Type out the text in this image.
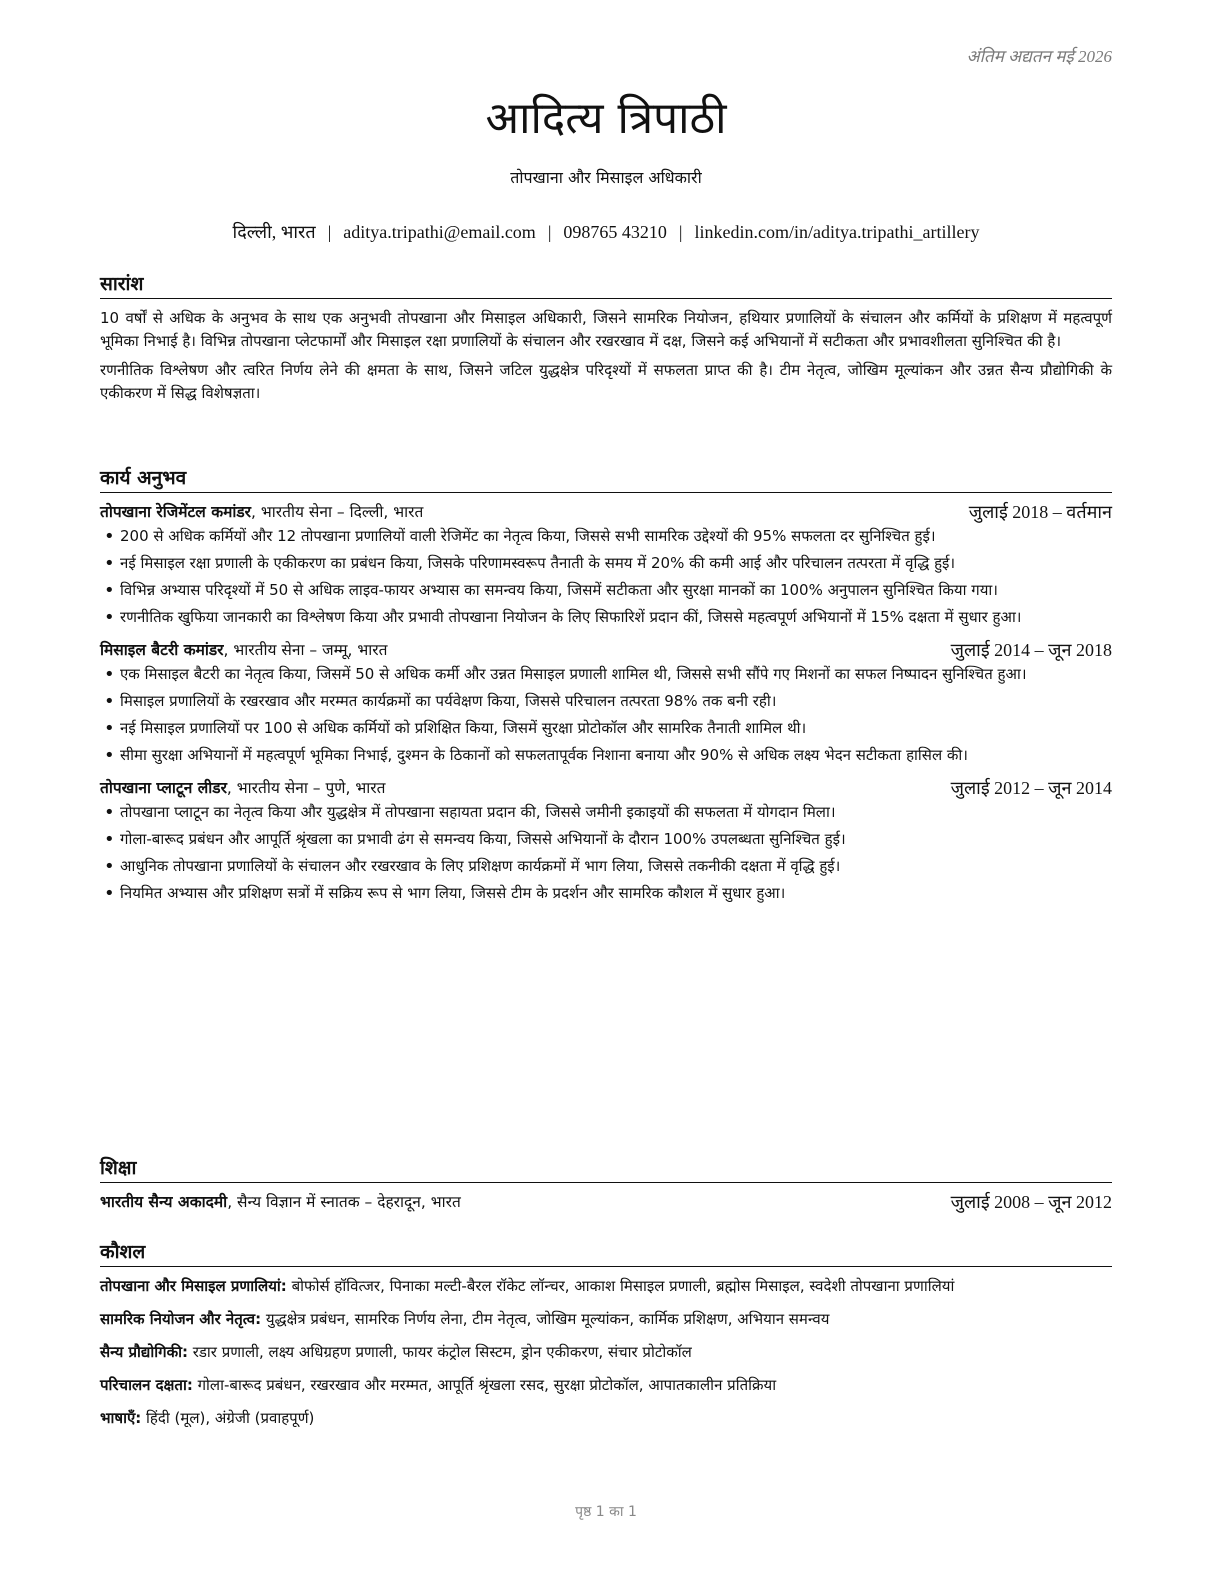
अंतिम अद्यतन मई 2026
आदित्य त्रिपाठी
तोपखाना और मिसाइल अधिकारी
दिल्ली, भारत | aditya.tripathi@email.com | 098765 43210 | linkedin.com/in/aditya.tripathi_artillery
सारांश

10 वर्षों से अधिक के अनुभव के साथ एक अनुभवी तोपखाना और मिसाइल अधिकारी, जिसने सामरिक नियोजन, हथियार प्रणालियों के संचालन और कर्मियों के प्रशिक्षण में महत्वपूर्ण भूमिका निभाई है। विभिन्न तोपखाना प्लेटफार्मों और मिसाइल रक्षा प्रणालियों के संचालन और रखरखाव में दक्ष, जिसने कई अभियानों में सटीकता और प्रभावशीलता सुनिश्चित की है।

रणनीतिक विश्लेषण और त्वरित निर्णय लेने की क्षमता के साथ, जिसने जटिल युद्धक्षेत्र परिदृश्यों में सफलता प्राप्त की है। टीम नेतृत्व, जोखिम मूल्यांकन और उन्नत सैन्य प्रौद्योगिकी के एकीकरण में सिद्ध विशेषज्ञता।

कार्य अनुभव
तोपखाना रेजिमेंटल कमांडर, भारतीय सेना – दिल्ली, भारत	जुलाई 2018 – वर्तमान
• 200 से अधिक कर्मियों और 12 तोपखाना प्रणालियों वाली रेजिमेंट का नेतृत्व किया, जिससे सभी सामरिक उद्देश्यों की 95% सफलता दर सुनिश्चित हुई।
• नई मिसाइल रक्षा प्रणाली के एकीकरण का प्रबंधन किया, जिसके परिणामस्वरूप तैनाती के समय में 20% की कमी आई और परिचालन तत्परता में वृद्धि हुई।
• विभिन्न अभ्यास परिदृश्यों में 50 से अधिक लाइव-फायर अभ्यास का समन्वय किया, जिसमें सटीकता और सुरक्षा मानकों का 100% अनुपालन सुनिश्चित किया गया।
• रणनीतिक खुफिया जानकारी का विश्लेषण किया और प्रभावी तोपखाना नियोजन के लिए सिफारिशें प्रदान कीं, जिससे महत्वपूर्ण अभियानों में 15% दक्षता में सुधार हुआ।
मिसाइल बैटरी कमांडर, भारतीय सेना – जम्मू, भारत	जुलाई 2014 – जून 2018
• एक मिसाइल बैटरी का नेतृत्व किया, जिसमें 50 से अधिक कर्मी और उन्नत मिसाइल प्रणाली शामिल थी, जिससे सभी सौंपे गए मिशनों का सफल निष्पादन सुनिश्चित हुआ।
• मिसाइल प्रणालियों के रखरखाव और मरम्मत कार्यक्रमों का पर्यवेक्षण किया, जिससे परिचालन तत्परता 98% तक बनी रही।
• नई मिसाइल प्रणालियों पर 100 से अधिक कर्मियों को प्रशिक्षित किया, जिसमें सुरक्षा प्रोटोकॉल और सामरिक तैनाती शामिल थी।
• सीमा सुरक्षा अभियानों में महत्वपूर्ण भूमिका निभाई, दुश्मन के ठिकानों को सफलतापूर्वक निशाना बनाया और 90% से अधिक लक्ष्य भेदन सटीकता हासिल की।
तोपखाना प्लाटून लीडर, भारतीय सेना – पुणे, भारत	जुलाई 2012 – जून 2014
• तोपखाना प्लाटून का नेतृत्व किया और युद्धक्षेत्र में तोपखाना सहायता प्रदान की, जिससे जमीनी इकाइयों की सफलता में योगदान मिला।
• गोला-बारूद प्रबंधन और आपूर्ति श्रृंखला का प्रभावी ढंग से समन्वय किया, जिससे अभियानों के दौरान 100% उपलब्धता सुनिश्चित हुई।
• आधुनिक तोपखाना प्रणालियों के संचालन और रखरखाव के लिए प्रशिक्षण कार्यक्रमों में भाग लिया, जिससे तकनीकी दक्षता में वृद्धि हुई।
• नियमित अभ्यास और प्रशिक्षण सत्रों में सक्रिय रूप से भाग लिया, जिससे टीम के प्रदर्शन और सामरिक कौशल में सुधार हुआ।
शिक्षा
भारतीय सैन्य अकादमी, सैन्य विज्ञान में स्नातक – देहरादून, भारत	जुलाई 2008 – जून 2012
कौशल
तोपखाना और मिसाइल प्रणालियां: बोफोर्स हॉवित्जर, पिनाका मल्टी-बैरल रॉकेट लॉन्चर, आकाश मिसाइल प्रणाली, ब्रह्मोस मिसाइल, स्वदेशी तोपखाना प्रणालियां
सामरिक नियोजन और नेतृत्व: युद्धक्षेत्र प्रबंधन, सामरिक निर्णय लेना, टीम नेतृत्व, जोखिम मूल्यांकन, कार्मिक प्रशिक्षण, अभियान समन्वय
सैन्य प्रौद्योगिकी: रडार प्रणाली, लक्ष्य अधिग्रहण प्रणाली, फायर कंट्रोल सिस्टम, ड्रोन एकीकरण, संचार प्रोटोकॉल
परिचालन दक्षता: गोला-बारूद प्रबंधन, रखरखाव और मरम्मत, आपूर्ति श्रृंखला रसद, सुरक्षा प्रोटोकॉल, आपातकालीन प्रतिक्रिया
भाषाएँ: हिंदी (मूल), अंग्रेजी (प्रवाहपूर्ण)
पृष्ठ 1 का 1
